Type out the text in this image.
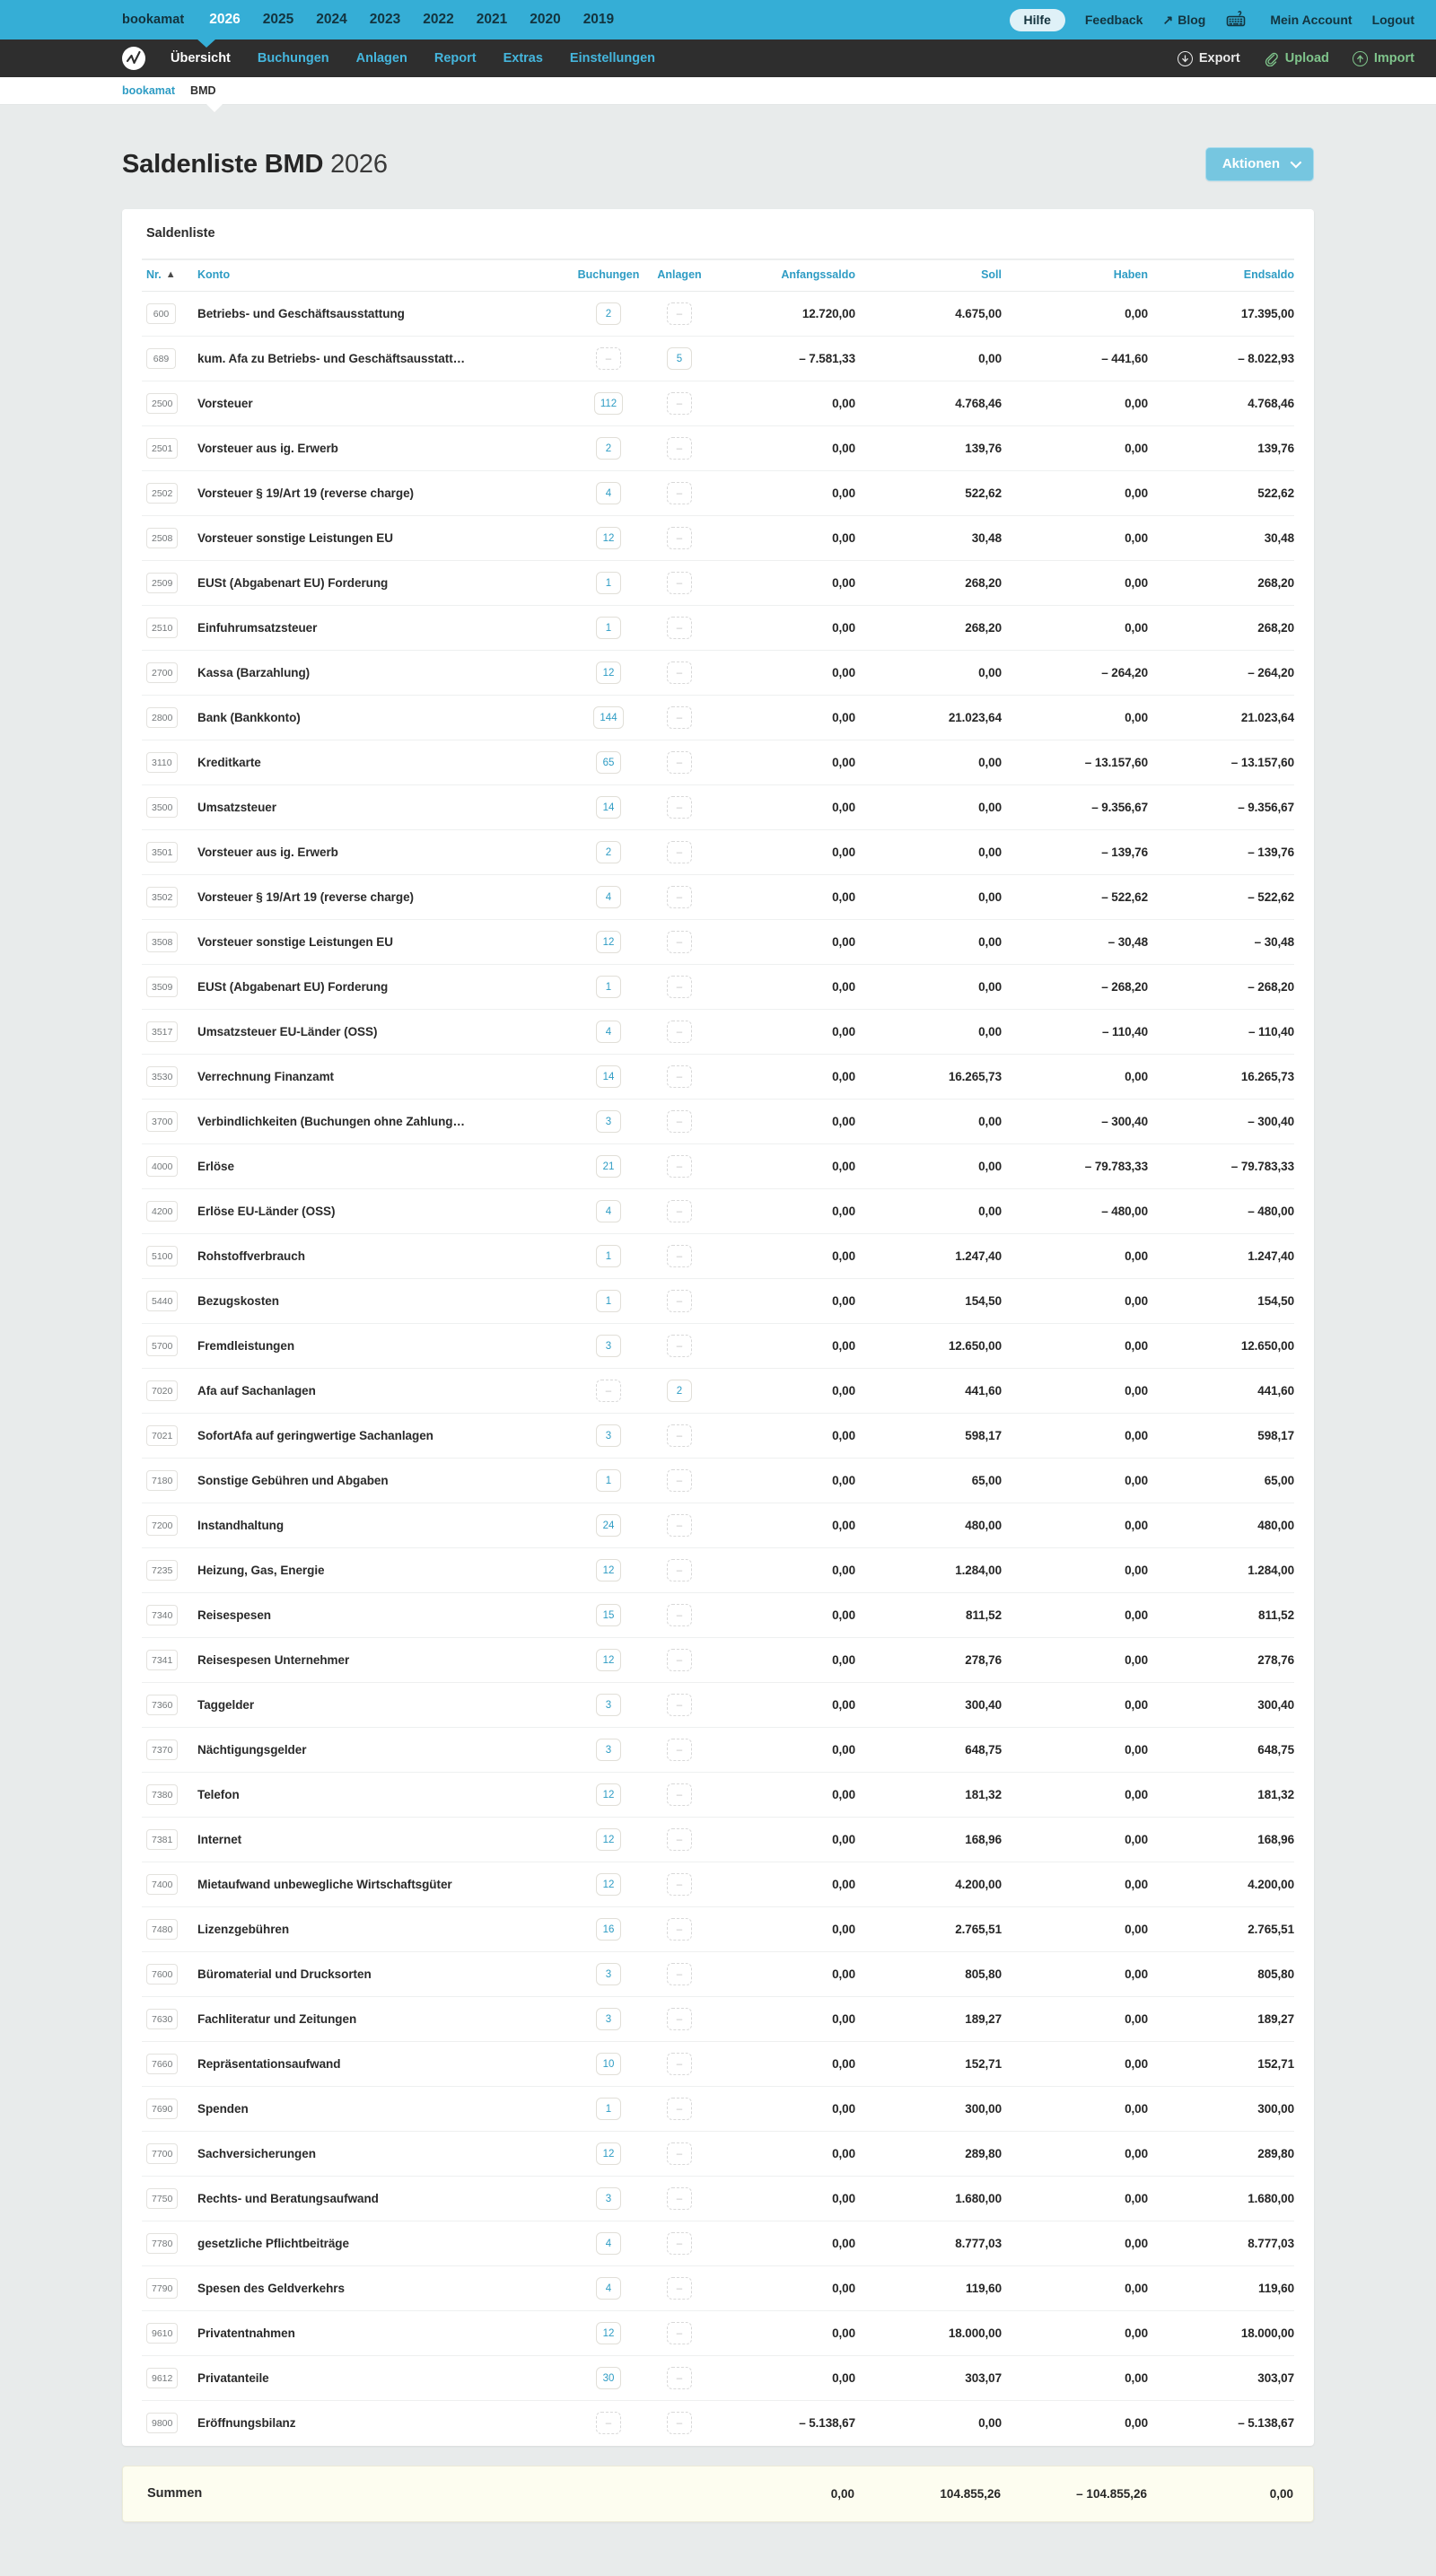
bookamat 2026 2025 2024 2023 2022 2021 2020 2019	Hilfe	Feedback ↗ Blog	Mein Account Logout
Übersicht Buchungen Anlagen Report Extras Einstellungen	Export	Upload	Import
bookamat BMD
Saldenliste BMD 2026	Aktionen
Saldenliste
Nr. ▲	Konto	Buchungen	Anlagen	Anfangssaldo	Soll	Haben	Endsaldo
600	Betriebs- und Geschäftsausstattung	2	–	12.720,00	4.675,00	0,00	17.395,00
689	kum. Afa zu Betriebs- und Geschäftsausstatt…	–	5	– 7.581,33	0,00	– 441,60	– 8.022,93
2500	Vorsteuer	112	–	0,00	4.768,46	0,00	4.768,46
2501	Vorsteuer aus ig. Erwerb	2	–	0,00	139,76	0,00	139,76
2502	Vorsteuer § 19/Art 19 (reverse charge)	4	–	0,00	522,62	0,00	522,62
2508	Vorsteuer sonstige Leistungen EU	12	–	0,00	30,48	0,00	30,48
2509	EUSt (Abgabenart EU) Forderung	1	–	0,00	268,20	0,00	268,20
2510	Einfuhrumsatzsteuer	1	–	0,00	268,20	0,00	268,20
2700	Kassa (Barzahlung)	12	–	0,00	0,00	– 264,20	– 264,20
2800	Bank (Bankkonto)	144	–	0,00	21.023,64	0,00	21.023,64
3110	Kreditkarte	65	–	0,00	0,00	– 13.157,60	– 13.157,60
3500	Umsatzsteuer	14	–	0,00	0,00	– 9.356,67	– 9.356,67
3501	Vorsteuer aus ig. Erwerb	2	–	0,00	0,00	– 139,76	– 139,76
3502	Vorsteuer § 19/Art 19 (reverse charge)	4	–	0,00	0,00	– 522,62	– 522,62
3508	Vorsteuer sonstige Leistungen EU	12	–	0,00	0,00	– 30,48	– 30,48
3509	EUSt (Abgabenart EU) Forderung	1	–	0,00	0,00	– 268,20	– 268,20
3517	Umsatzsteuer EU-Länder (OSS)	4	–	0,00	0,00	– 110,40	– 110,40
3530	Verrechnung Finanzamt	14	–	0,00	16.265,73	0,00	16.265,73
3700	Verbindlichkeiten (Buchungen ohne Zahlung…	3	–	0,00	0,00	– 300,40	– 300,40
4000	Erlöse	21	–	0,00	0,00	– 79.783,33	– 79.783,33
4200	Erlöse EU-Länder (OSS)	4	–	0,00	0,00	– 480,00	– 480,00
5100	Rohstoffverbrauch	1	–	0,00	1.247,40	0,00	1.247,40
5440	Bezugskosten	1	–	0,00	154,50	0,00	154,50
5700	Fremdleistungen	3	–	0,00	12.650,00	0,00	12.650,00
7020	Afa auf Sachanlagen	–	2	0,00	441,60	0,00	441,60
7021	SofortAfa auf geringwertige Sachanlagen	3	–	0,00	598,17	0,00	598,17
7180	Sonstige Gebühren und Abgaben	1	–	0,00	65,00	0,00	65,00
7200	Instandhaltung	24	–	0,00	480,00	0,00	480,00
7235	Heizung, Gas, Energie	12	–	0,00	1.284,00	0,00	1.284,00
7340	Reisespesen	15	–	0,00	811,52	0,00	811,52
7341	Reisespesen Unternehmer	12	–	0,00	278,76	0,00	278,76
7360	Taggelder	3	–	0,00	300,40	0,00	300,40
7370	Nächtigungsgelder	3	–	0,00	648,75	0,00	648,75
7380	Telefon	12	–	0,00	181,32	0,00	181,32
7381	Internet	12	–	0,00	168,96	0,00	168,96
7400	Mietaufwand unbewegliche Wirtschaftsgüter	12	–	0,00	4.200,00	0,00	4.200,00
7480	Lizenzgebühren	16	–	0,00	2.765,51	0,00	2.765,51
7600	Büromaterial und Drucksorten	3	–	0,00	805,80	0,00	805,80
7630	Fachliteratur und Zeitungen	3	–	0,00	189,27	0,00	189,27
7660	Repräsentationsaufwand	10	–	0,00	152,71	0,00	152,71
7690	Spenden	1	–	0,00	300,00	0,00	300,00
7700	Sachversicherungen	12	–	0,00	289,80	0,00	289,80
7750	Rechts- und Beratungsaufwand	3	–	0,00	1.680,00	0,00	1.680,00
7780	gesetzliche Pflichtbeiträge	4	–	0,00	8.777,03	0,00	8.777,03
7790	Spesen des Geldverkehrs	4	–	0,00	119,60	0,00	119,60
9610	Privatentnahmen	12	–	0,00	18.000,00	0,00	18.000,00
9612	Privatanteile	30	–	0,00	303,07	0,00	303,07
9800	Eröffnungsbilanz	–	–	– 5.138,67	0,00	0,00	– 5.138,67
Summen			0,00	104.855,26	– 104.855,26	0,00
